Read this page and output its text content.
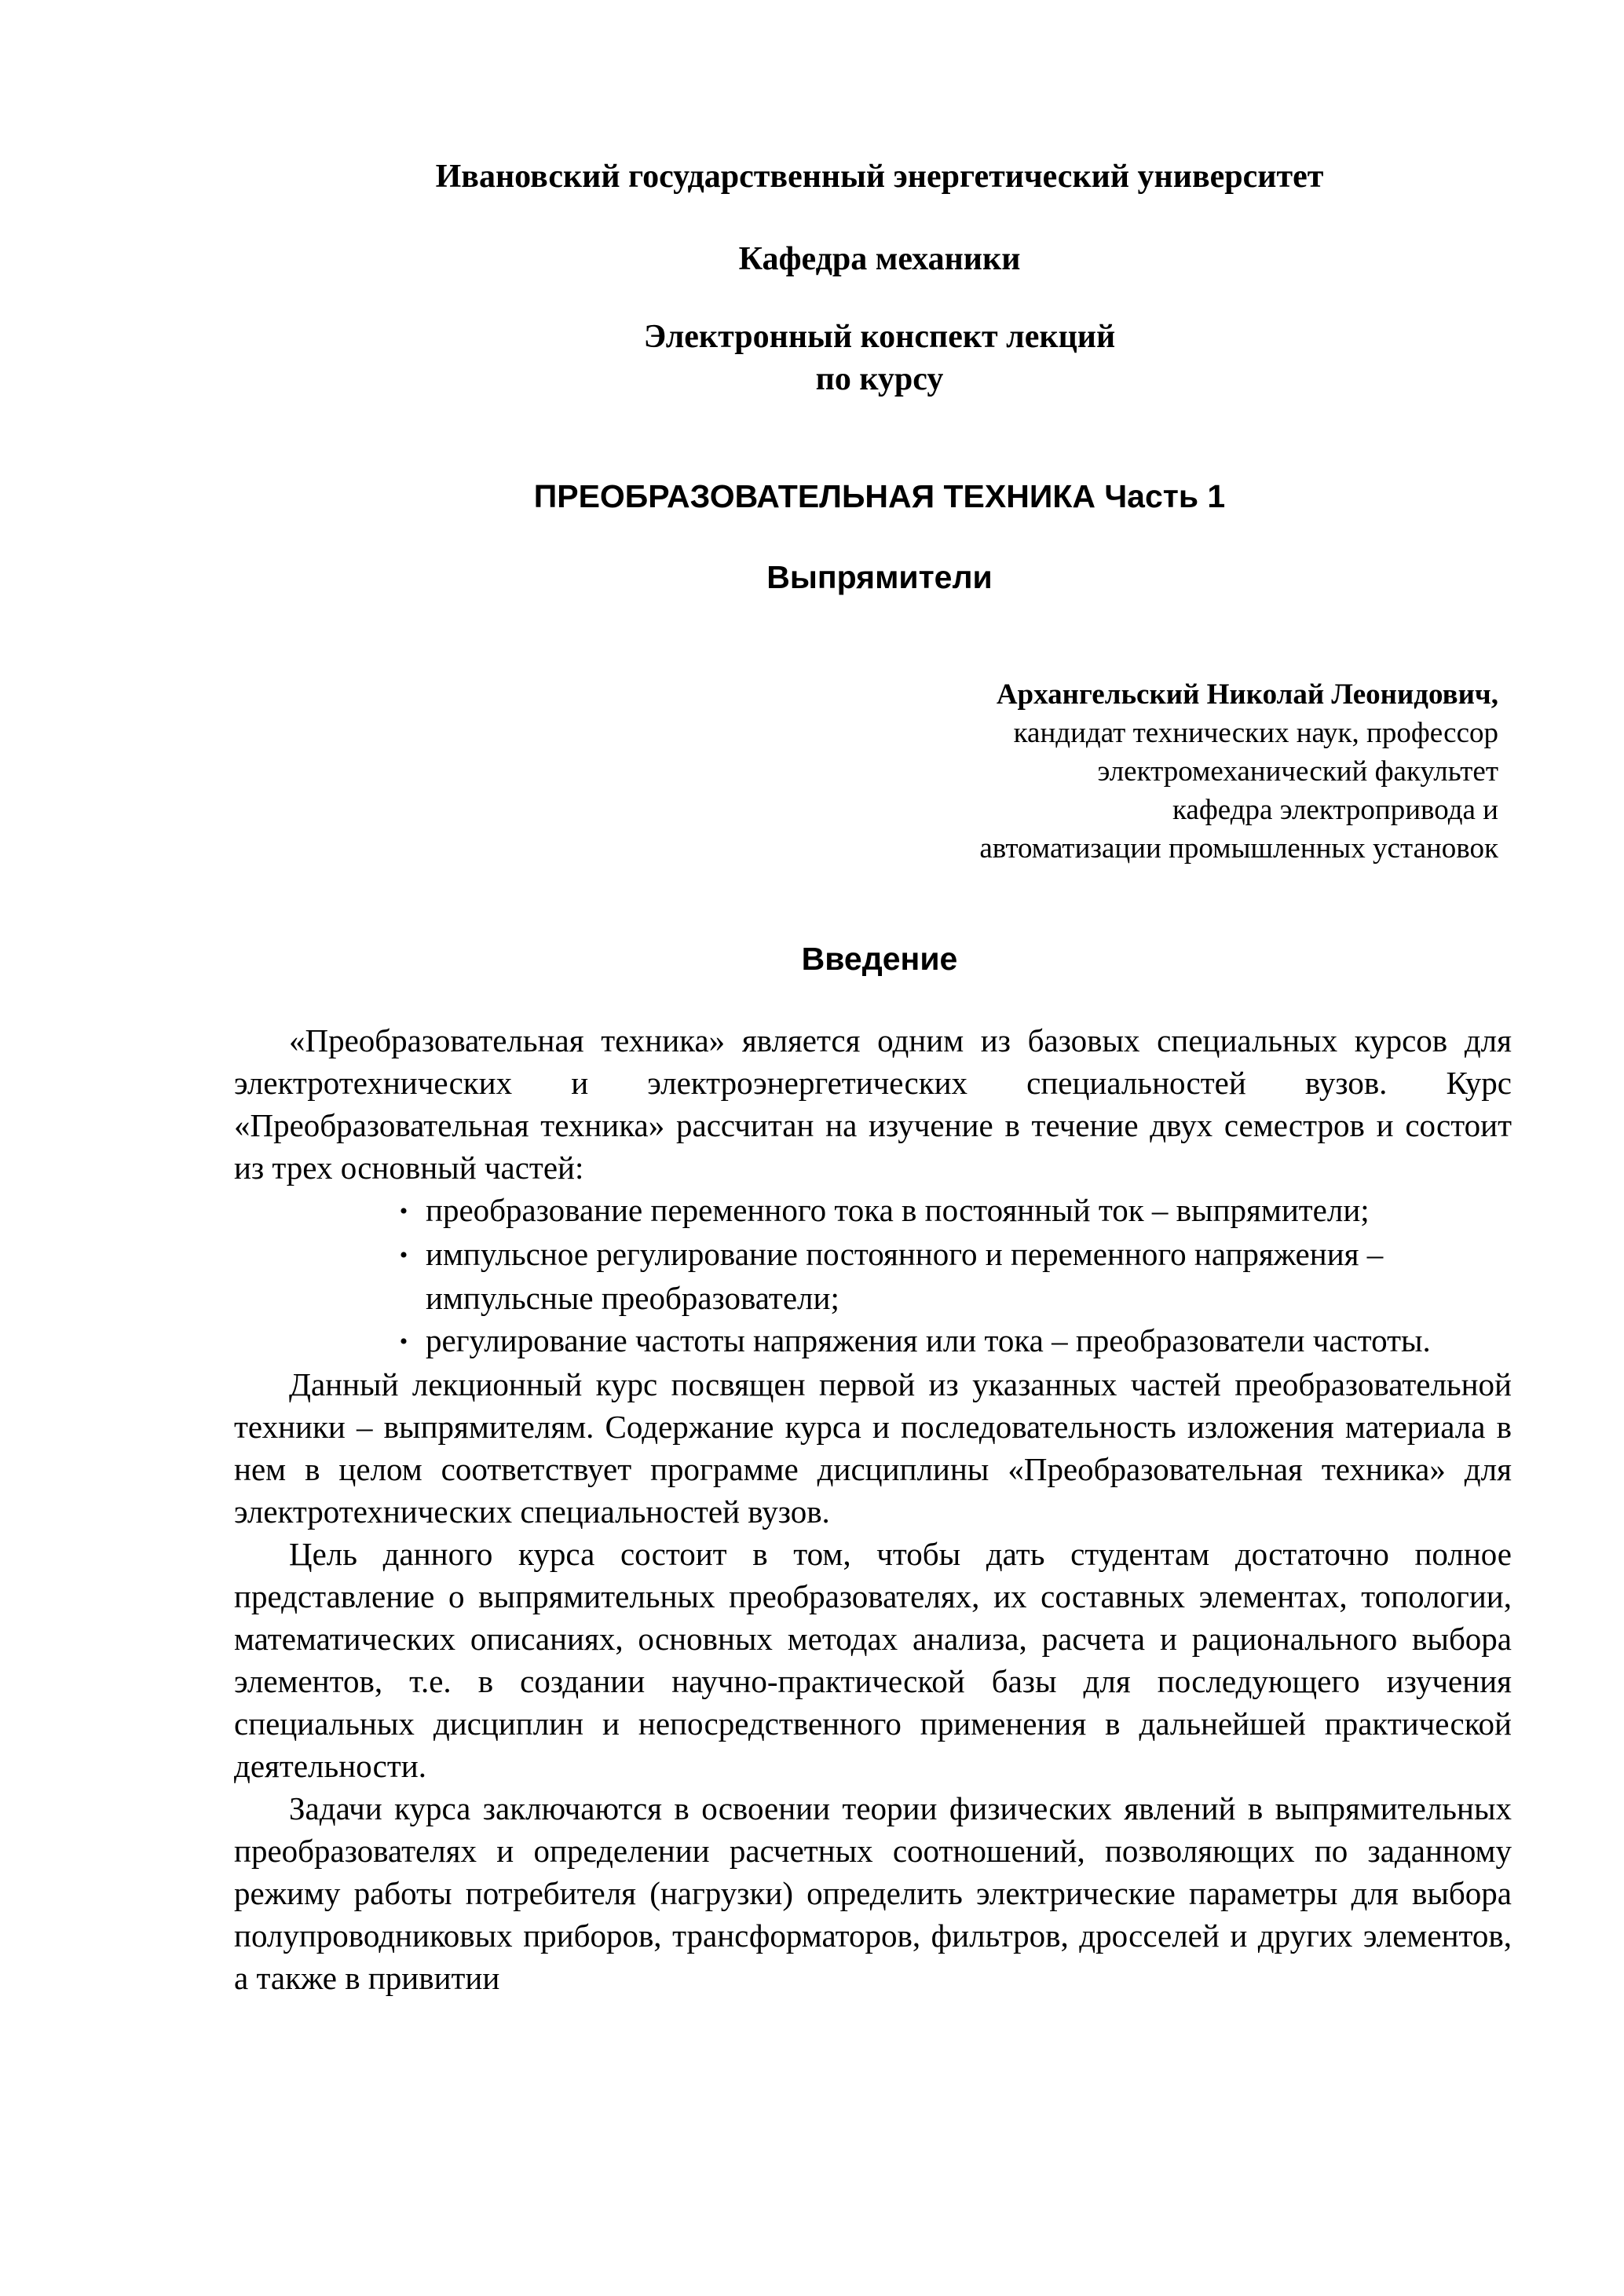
Ивановский государственный энергетический университет
Кафедра механики
Электронный конспект лекций
по курсу
ПРЕОБРАЗОВАТЕЛЬНАЯ ТЕХНИКА Часть 1
Выпрямители
Архангельский Николай Леонидович,
кандидат технических наук, профессор
электромеханический факультет
кафедра электропривода и
автоматизации промышленных установок
Введение

«Преобразовательная техника» является одним из базовых специальных курсов для электротехнических и электроэнергетических специальностей вузов. Курс «Преобразовательная техника» рассчитан на изучение в течение двух семестров и состоит из трех основный частей:

• преобразование переменного тока в постоянный ток – выпрямители;
• импульсное регулирование постоянного и переменного напряжения – импульсные преобразователи;
• регулирование частоты напряжения или тока – преобразователи частоты.

Данный лекционный курс посвящен первой из указанных частей преобразовательной техники – выпрямителям. Содержание курса и последовательность изложения материала в нем в целом соответствует программе дисциплины «Преобразовательная техника» для электротехнических специальностей вузов.

Цель данного курса состоит в том, чтобы дать студентам достаточно полное представление о выпрямительных преобразователях, их составных элементах, топологии, математических описаниях, основных методах анализа, расчета и рационального выбора элементов, т.е. в создании научно-практической базы для последующего изучения специальных дисциплин и непосредственного применения в дальнейшей практической деятельности.

Задачи курса заключаются в освоении теории физических явлений в выпрямительных преобразователях и определении расчетных соотношений, позволяющих по заданному режиму работы потребителя (нагрузки) определить электрические параметры для выбора полупроводниковых приборов, трансформаторов, фильтров, дросселей и других элементов, а также в привитии
